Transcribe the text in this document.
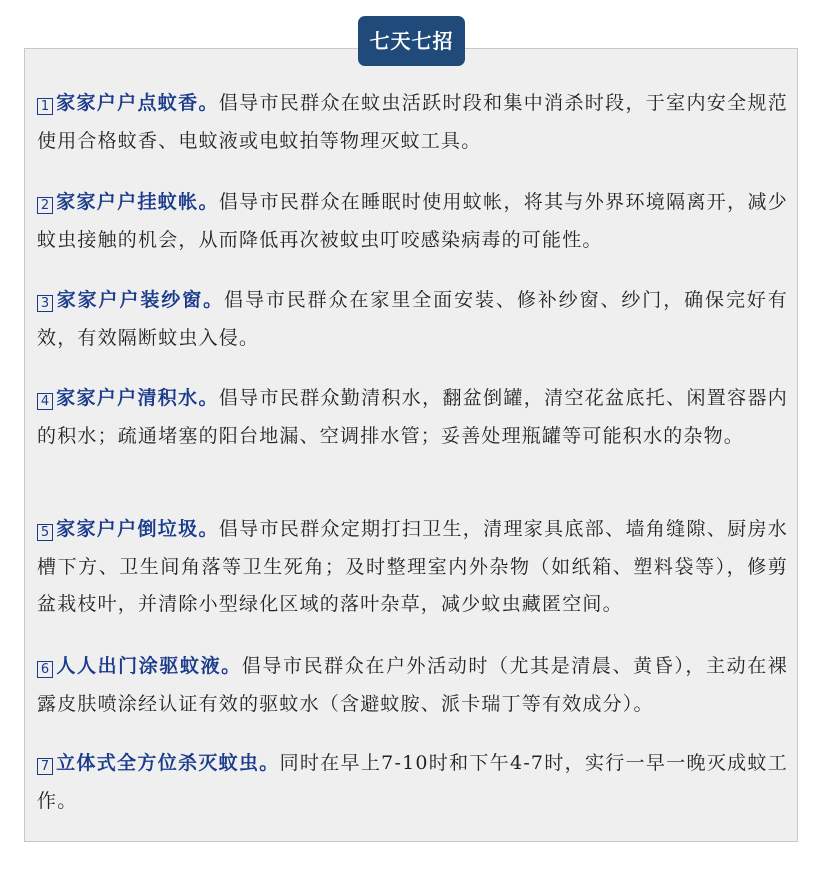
七天七招
1 家家户户点蚊香。倡导市民群众在蚊虫活跃时段和集中消杀时段，于室内安全规范使用合格蚊香、电蚊液或电蚊拍等物理灭蚊工具。
2 家家户户挂蚊帐。倡导市民群众在睡眠时使用蚊帐，将其与外界环境隔离开，减少蚊虫接触的机会，从而降低再次被蚊虫叮咬感染病毒的可能性。
3 家家户户装纱窗。倡导市民群众在家里全面安装、修补纱窗、纱门，确保完好有效，有效隔断蚊虫入侵。
4 家家户户清积水。倡导市民群众勤清积水，翻盆倒罐，清空花盆底托、闲置容器内的积水；疏通堵塞的阳台地漏、空调排水管；妥善处理瓶罐等可能积水的杂物。
5 家家户户倒垃圾。倡导市民群众定期打扫卫生，清理家具底部、墙角缝隙、厨房水槽下方、卫生间角落等卫生死角；及时整理室内外杂物（如纸箱、塑料袋等），修剪盆栽枝叶，并清除小型绿化区域的落叶杂草，减少蚊虫藏匿空间。
6 人人出门涂驱蚊液。倡导市民群众在户外活动时（尤其是清晨、黄昏），主动在裸露皮肤喷涂经认证有效的驱蚊水（含避蚊胺、派卡瑞丁等有效成分）。
7 立体式全方位杀灭蚊虫。同时在早上7-10时和下午4-7时，实行一早一晚灭成蚊工作。
